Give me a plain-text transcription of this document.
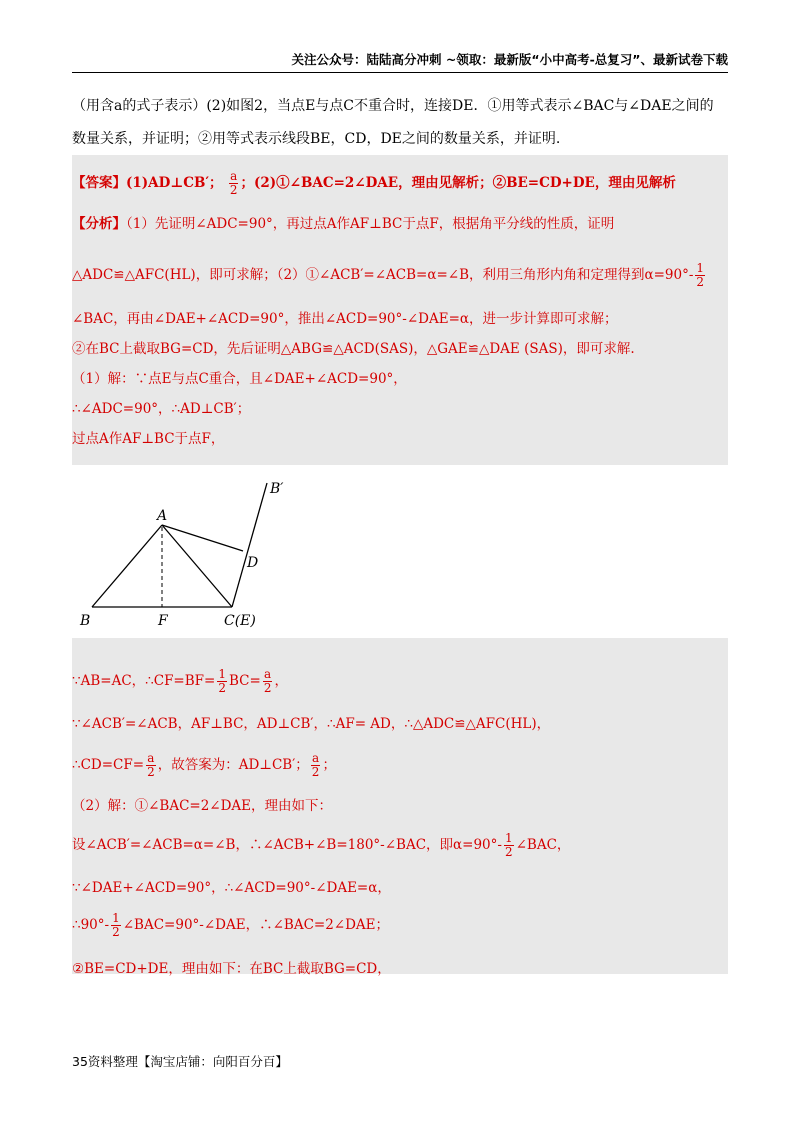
关注公众号：陆陆高分冲刺 ~领取：最新版“小中高考-总复习”、最新试卷下载
（用含a的式子表示）(2)如图2，当点E与点C不重合时，连接DE．①用等式表示∠BAC与∠DAE之间的
数量关系，并证明；②用等式表示线段BE，CD，DE之间的数量关系，并证明.
【答案】(1)AD⊥CB′； $\frac{a}{2}$ ；(2)①∠BAC=2∠DAE，理由见解析；②BE=CD+DE，理由见解析
【分析】（1）先证明∠ADC=90°，再过点A作AF⊥BC于点F，根据角平分线的性质，证明
△ADC≌△AFC(HL)，即可求解；（2）①∠ACB′=∠ACB=α=∠B，利用三角形内角和定理得到$\alpha=90^\circ- \frac{1}{2}$
∠BAC，再由∠DAE+∠ACD=90°，推出∠ACD=90°-∠DAE=α，进一步计算即可求解；
②在BC上截取BG=CD，先后证明△ABG≌△ACD(SAS)，△GAE≌△DAE (SAS)，即可求解.
（1）解：∵点E与点C重合，且∠DAE+∠ACD=90°，
∴∠ADC=90°，∴AD⊥CB′；
过点A作AF⊥BC于点F，
A
B	F	C(E)
D
B′
∵AB=AC，∴CF=BF= $\frac{1}{2} BC= \frac{a}{2}$ ，
∵∠ACB′=∠ACB，AF⊥BC，AD⊥CB′，∴AF= AD，∴△ADC≌△AFC(HL)，
∴CD=CF= $\frac{a}{2}$ ，故答案为：AD⊥CB′； $\frac{a}{2}$ ；
（2）解：①∠BAC=2∠DAE，理由如下：
设∠ACB′=∠ACB=α=∠B，∴∠ACB+∠B=180°-∠BAC，即$\alpha=90^\circ- \frac{1}{2}$ ∠BAC，
∵∠DAE+∠ACD=90°，∴∠ACD=90°-∠DAE=α，
∴90°- $\frac{1}{2}$ ∠BAC=90°-∠DAE，∴∠BAC=2∠DAE；
②BE=CD+DE，理由如下：在BC上截取BG=CD，
35资料整理【淘宝店铺：向阳百分百】
